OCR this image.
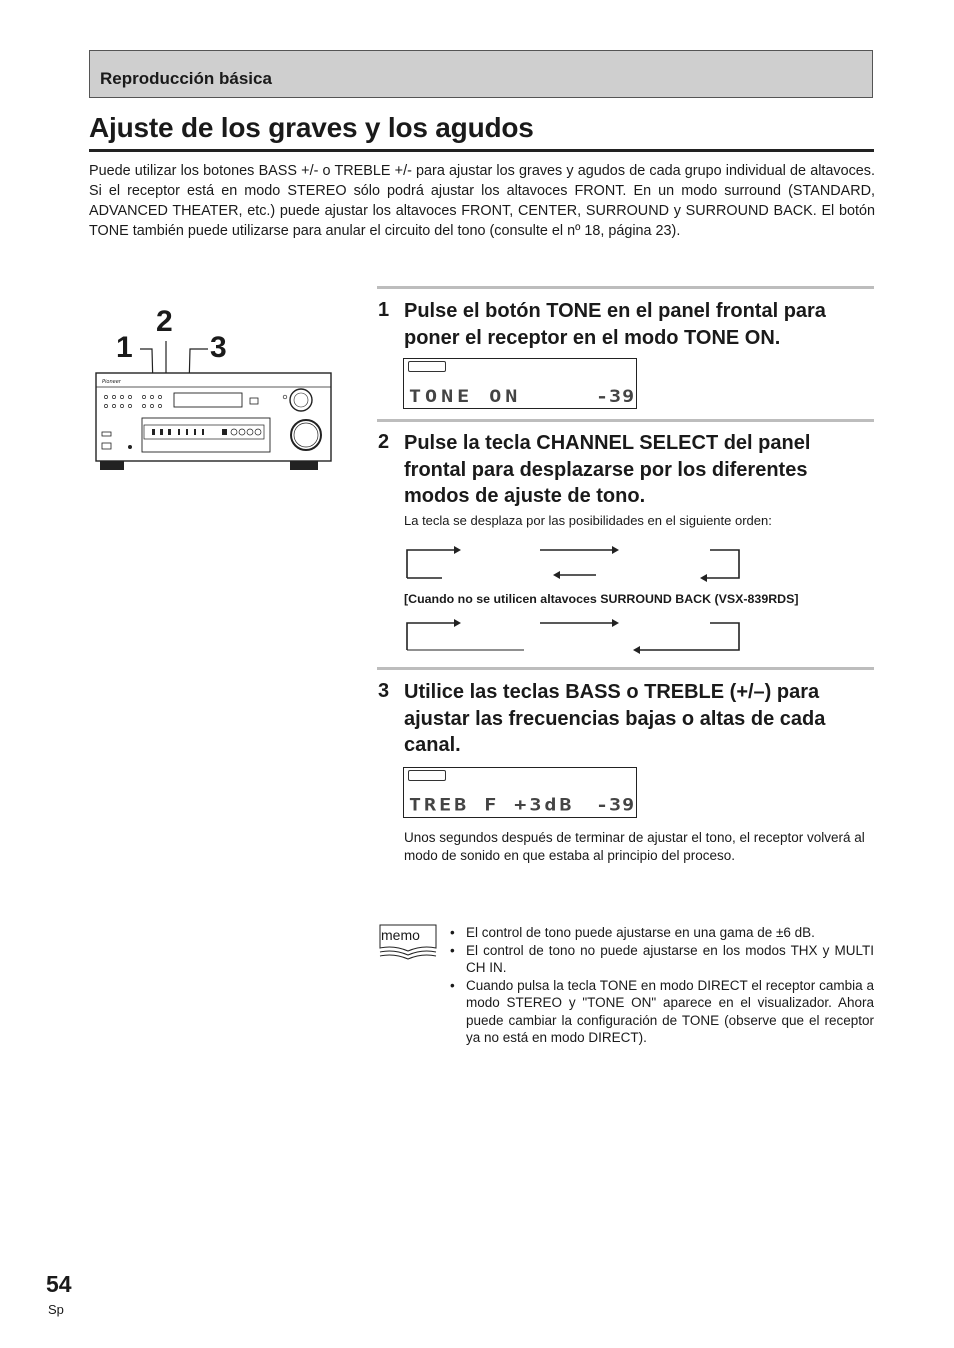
Reproducción básica
Ajuste de los graves y los agudos
Puede utilizar los botones BASS +/- o TREBLE +/- para ajustar los graves y agudos de cada grupo individual de altavoces. Si el receptor está en modo STEREO sólo podrá ajustar los altavoces FRONT. En un modo surround (STANDARD, ADVANCED THEATER, etc.) puede ajustar los altavoces FRONT, CENTER, SURROUND y SURROUND BACK. El botón TONE también puede utilizarse para anular el circuito del tono (consulte el nº 18, página 23).
1
2
3
Pioneer
1 Pulse el botón TONE en el panel frontal para poner el receptor en el modo TONE ON.
TONE ON	-39
2 Pulse la tecla CHANNEL SELECT del panel frontal para desplazarse por los diferentes modos de ajuste de tono.
La tecla se desplaza por las posibilidades en el siguiente orden:
[Cuando no se utilicen altavoces SURROUND BACK (VSX-839RDS]
3 Utilice las teclas BASS o TREBLE (+/–) para ajustar las frecuencias bajas o altas de cada canal.
TREB F +3dB -39
Unos segundos después de terminar de ajustar el tono, el receptor volverá al modo de sonido en que estaba al principio del proceso.
memo
•	El control de tono puede ajustarse en una gama de ±6 dB.
• El control de tono no puede ajustarse en los modos THX y MULTI CH IN.
• Cuando pulsa la tecla TONE en modo DIRECT el receptor cambia a modo STEREO y "TONE ON" aparece en el visualizador. Ahora puede cambiar la configuración de TONE (observe que el receptor ya no está en modo DIRECT).
54
Sp
